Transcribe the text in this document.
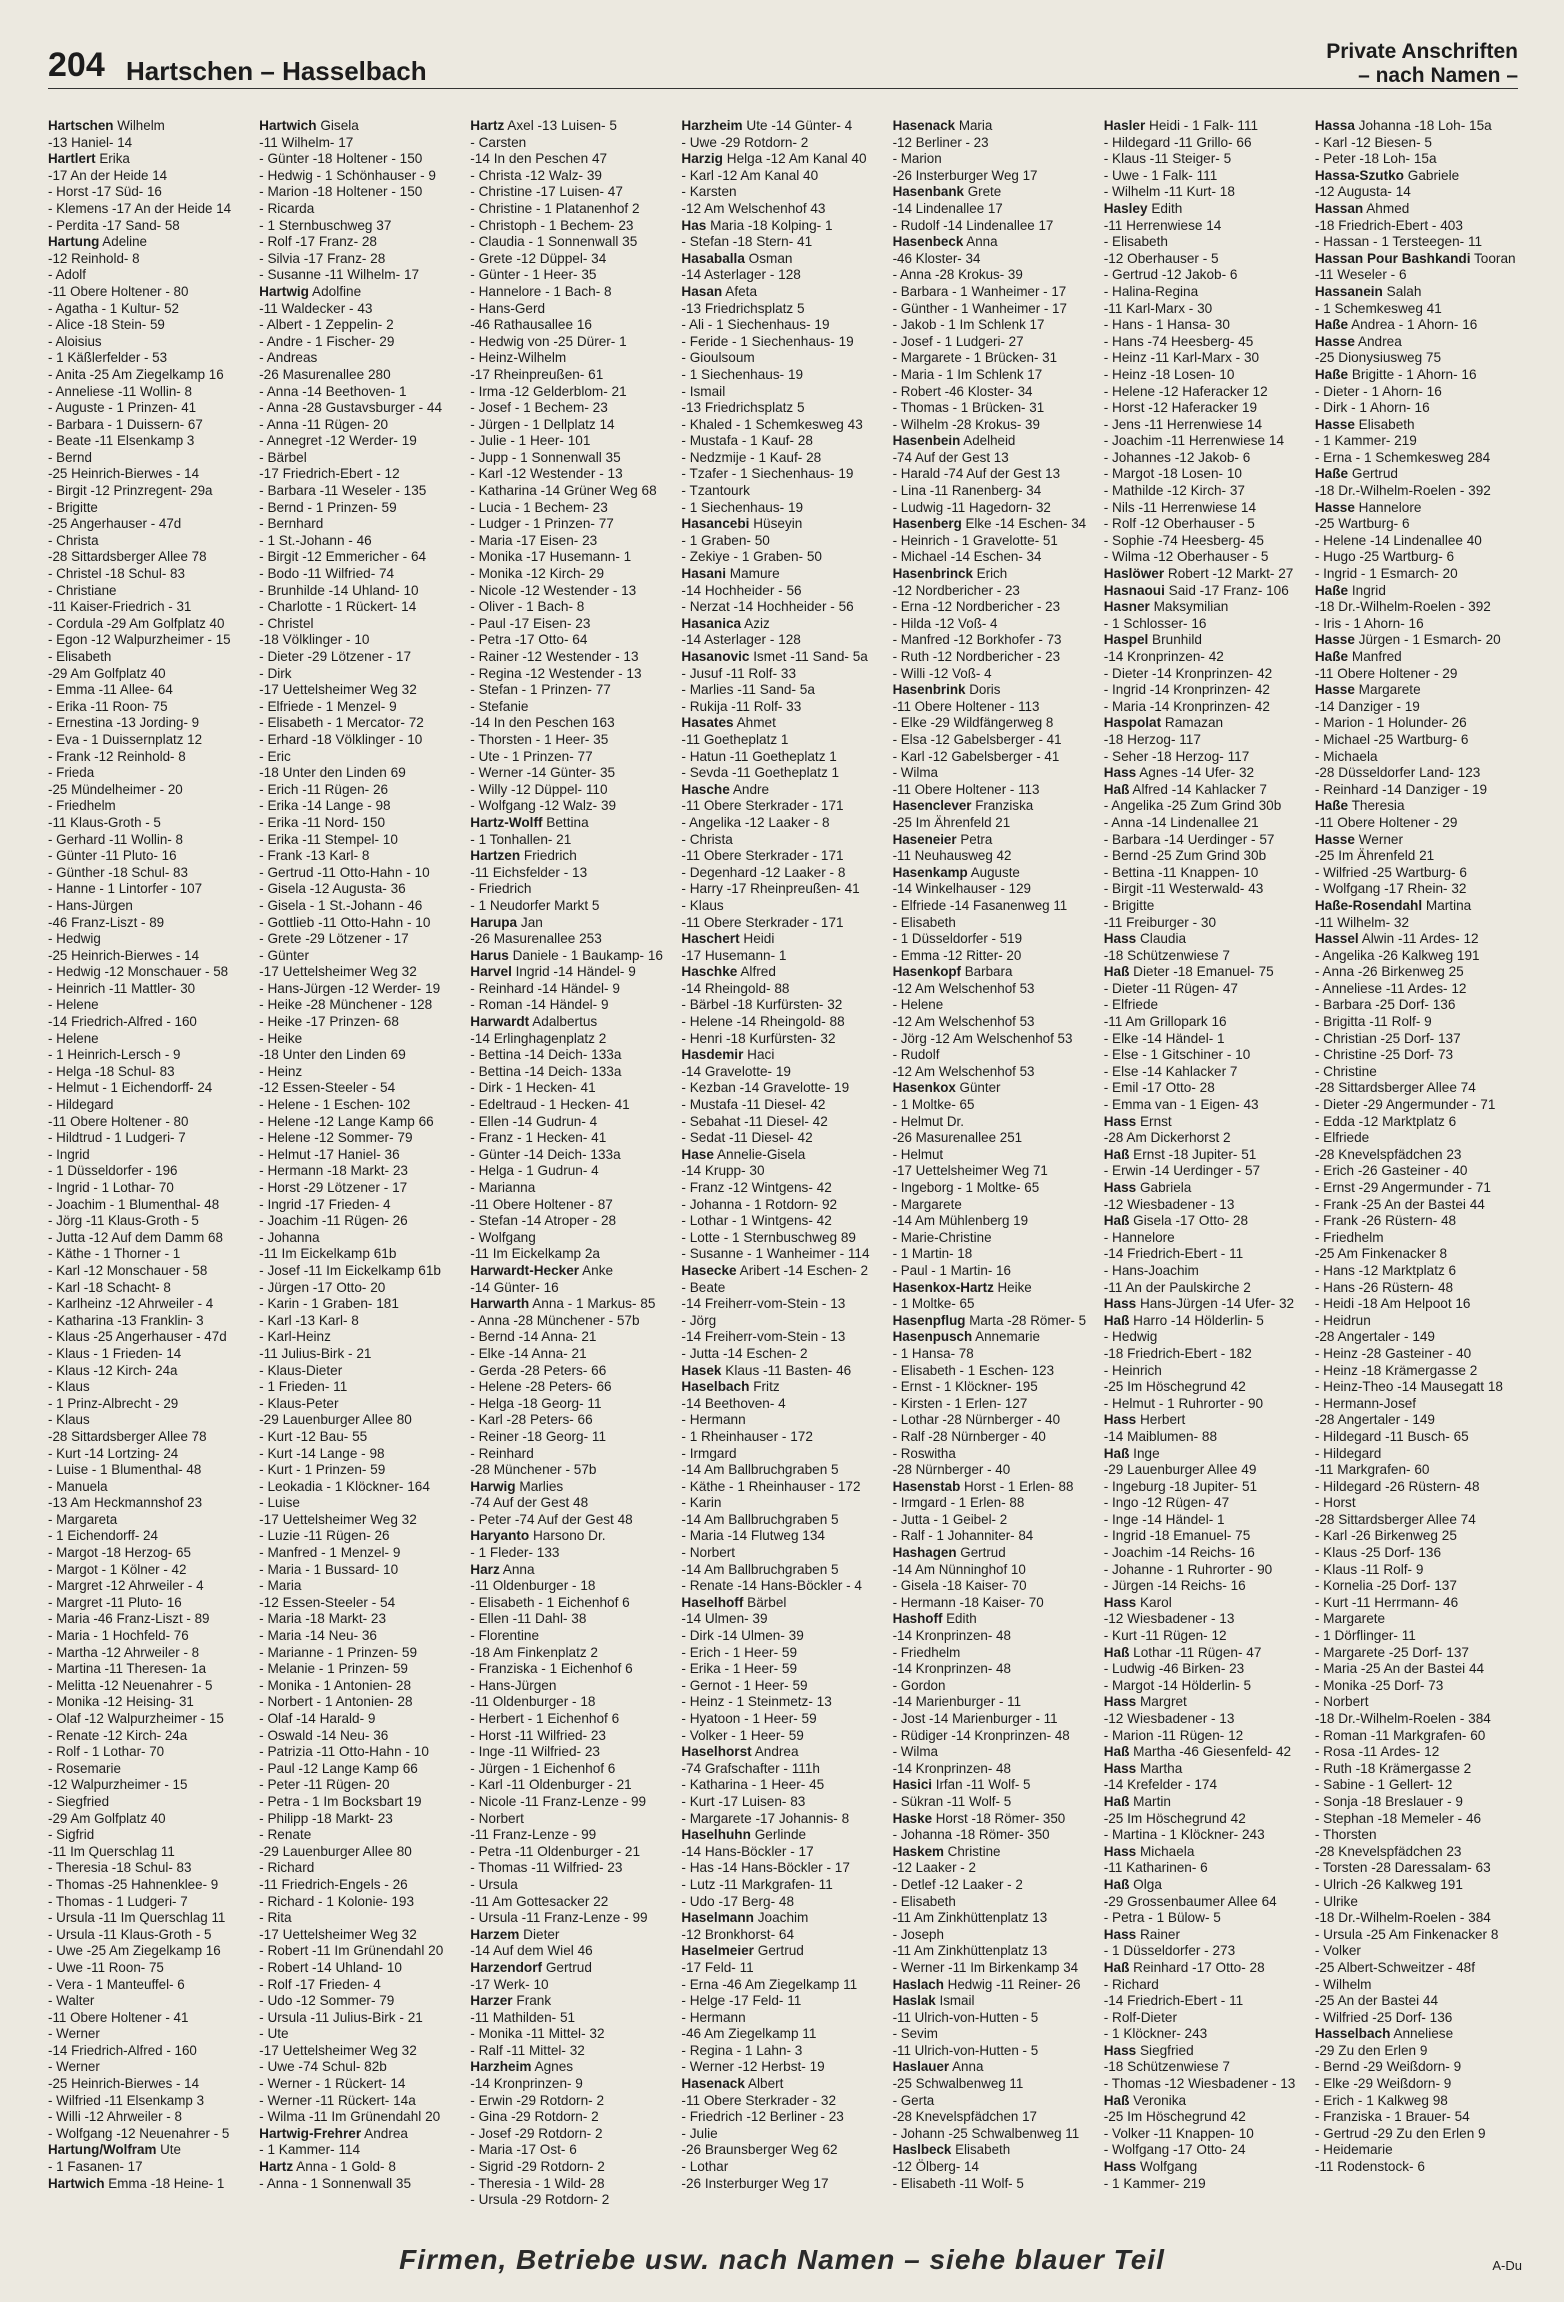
204 Hartschen – Hasselbach
Private Anschriften
– nach Namen –
Hartschen Wilhelm
-13 Haniel- 14
Hartlert Erika
-17 An der Heide 14
- Horst -17 Süd- 16
- Klemens -17 An der Heide 14
- Perdita -17 Sand- 58
Hartung Adeline
-12 Reinhold- 8
- Adolf
-11 Obere Holtener - 80
- Agatha - 1 Kultur- 52
- Alice -18 Stein- 59
- Aloisius
- 1 Käßlerfelder - 53
- Anita -25 Am Ziegelkamp 16
- Anneliese -11 Wollin- 8
- Auguste - 1 Prinzen- 41
- Barbara - 1 Duissern- 67
- Beate -11 Elsenkamp 3
- Bernd
-25 Heinrich-Bierwes - 14
- Birgit -12 Prinzregent- 29a
- Brigitte
-25 Angerhauser - 47d
- Christa
-28 Sittardsberger Allee 78
- Christel -18 Schul- 83
- Christiane
-11 Kaiser-Friedrich - 31
- Cordula -29 Am Golfplatz 40
- Egon -12 Walpurzheimer - 15
- Elisabeth
-29 Am Golfplatz 40
- Emma -11 Allee- 64
- Erika -11 Roon- 75
- Ernestina -13 Jording- 9
- Eva - 1 Duissernplatz 12
- Frank -12 Reinhold- 8
- Frieda
-25 Mündelheimer - 20
- Friedhelm
-11 Klaus-Groth - 5
- Gerhard -11 Wollin- 8
- Günter -11 Pluto- 16
- Günther -18 Schul- 83
- Hanne - 1 Lintorfer - 107
- Hans-Jürgen
-46 Franz-Liszt - 89
- Hedwig
-25 Heinrich-Bierwes - 14
- Hedwig -12 Monschauer - 58
- Heinrich -11 Mattler- 30
- Helene
-14 Friedrich-Alfred - 160
- Helene
- 1 Heinrich-Lersch - 9
- Helga -18 Schul- 83
- Helmut - 1 Eichendorff- 24
- Hildegard
-11 Obere Holtener - 80
- Hildtrud - 1 Ludgeri- 7
- Ingrid
- 1 Düsseldorfer - 196
- Ingrid - 1 Lothar- 70
- Joachim - 1 Blumenthal- 48
- Jörg -11 Klaus-Groth - 5
- Jutta -12 Auf dem Damm 68
- Käthe - 1 Thorner - 1
- Karl -12 Monschauer - 58
- Karl -18 Schacht- 8
- Karlheinz -12 Ahrweiler - 4
- Katharina -13 Franklin- 3
- Klaus -25 Angerhauser - 47d
- Klaus - 1 Frieden- 14
- Klaus -12 Kirch- 24a
- Klaus
- 1 Prinz-Albrecht - 29
- Klaus
-28 Sittardsberger Allee 78
- Kurt -14 Lortzing- 24
- Luise - 1 Blumenthal- 48
- Manuela
-13 Am Heckmannshof 23
- Margareta
- 1 Eichendorff- 24
- Margot -18 Herzog- 65
- Margot - 1 Kölner - 42
- Margret -12 Ahrweiler - 4
- Margret -11 Pluto- 16
- Maria -46 Franz-Liszt - 89
- Maria - 1 Hochfeld- 76
- Martha -12 Ahrweiler - 8
- Martina -11 Theresen- 1a
- Melitta -12 Neuenahrer - 5
- Monika -12 Heising- 31
- Olaf -12 Walpurzheimer - 15
- Renate -12 Kirch- 24a
- Rolf - 1 Lothar- 70
- Rosemarie
-12 Walpurzheimer - 15
- Siegfried
-29 Am Golfplatz 40
- Sigfrid
-11 Im Querschlag 11
- Theresia -18 Schul- 83
- Thomas -25 Hahnenklee- 9
- Thomas - 1 Ludgeri- 7
- Ursula -11 Im Querschlag 11
- Ursula -11 Klaus-Groth - 5
- Uwe -25 Am Ziegelkamp 16
- Uwe -11 Roon- 75
- Vera - 1 Manteuffel- 6
- Walter
-11 Obere Holtener - 41
- Werner
-14 Friedrich-Alfred - 160
- Werner
-25 Heinrich-Bierwes - 14
- Wilfried -11 Elsenkamp 3
- Willi -12 Ahrweiler - 8
- Wolfgang -12 Neuenahrer - 5
Hartung/Wolfram Ute
- 1 Fasanen- 17
Hartwich Emma -18 Heine- 1
Hartwich Gisela
-11 Wilhelm- 17
- Günter -18 Holtener - 150
- Hedwig - 1 Schönhauser - 9
- Marion -18 Holtener - 150
- Ricarda
- 1 Sternbuschweg 37
- Rolf -17 Franz- 28
- Silvia -17 Franz- 28
- Susanne -11 Wilhelm- 17
Hartwig Adolfine
-11 Waldecker - 43
- Albert - 1 Zeppelin- 2
- Andre - 1 Fischer- 29
- Andreas
-26 Masurenallee 280
- Anna -14 Beethoven- 1
- Anna -28 Gustavsburger - 44
- Anna -11 Rügen- 20
- Annegret -12 Werder- 19
- Bärbel
-17 Friedrich-Ebert - 12
- Barbara -11 Weseler - 135
- Bernd - 1 Prinzen- 59
- Bernhard
- 1 St.-Johann - 46
- Birgit -12 Emmericher - 64
- Bodo -11 Wilfried- 74
- Brunhilde -14 Uhland- 10
- Charlotte - 1 Rückert- 14
- Christel
-18 Völklinger - 10
- Dieter -29 Lötzener - 17
- Dirk
-17 Uettelsheimer Weg 32
- Elfriede - 1 Menzel- 9
- Elisabeth - 1 Mercator- 72
- Erhard -18 Völklinger - 10
- Eric
-18 Unter den Linden 69
- Erich -11 Rügen- 26
- Erika -14 Lange - 98
- Erika -11 Nord- 150
- Erika -11 Stempel- 10
- Frank -13 Karl- 8
- Gertrud -11 Otto-Hahn - 10
- Gisela -12 Augusta- 36
- Gisela - 1 St.-Johann - 46
- Gottlieb -11 Otto-Hahn - 10
- Grete -29 Lötzener - 17
- Günter
-17 Uettelsheimer Weg 32
- Hans-Jürgen -12 Werder- 19
- Heike -28 Münchener - 128
- Heike -17 Prinzen- 68
- Heike
-18 Unter den Linden 69
- Heinz
-12 Essen-Steeler - 54
- Helene - 1 Eschen- 102
- Helene -12 Lange Kamp 66
- Helene -12 Sommer- 79
- Helmut -17 Haniel- 36
- Hermann -18 Markt- 23
- Horst -29 Lötzener - 17
- Ingrid -17 Frieden- 4
- Joachim -11 Rügen- 26
- Johanna
-11 Im Eickelkamp 61b
- Josef -11 Im Eickelkamp 61b
- Jürgen -17 Otto- 20
- Karin - 1 Graben- 181
- Karl -13 Karl- 8
- Karl-Heinz
-11 Julius-Birk - 21
- Klaus-Dieter
- 1 Frieden- 11
- Klaus-Peter
-29 Lauenburger Allee 80
- Kurt -12 Bau- 55
- Kurt -14 Lange - 98
- Kurt - 1 Prinzen- 59
- Leokadia - 1 Klöckner- 164
- Luise
-17 Uettelsheimer Weg 32
- Luzie -11 Rügen- 26
- Manfred - 1 Menzel- 9
- Maria - 1 Bussard- 10
- Maria
-12 Essen-Steeler - 54
- Maria -18 Markt- 23
- Maria -14 Neu- 36
- Marianne - 1 Prinzen- 59
- Melanie - 1 Prinzen- 59
- Monika - 1 Antonien- 28
- Norbert - 1 Antonien- 28
- Olaf -14 Harald- 9
- Oswald -14 Neu- 36
- Patrizia -11 Otto-Hahn - 10
- Paul -12 Lange Kamp 66
- Peter -11 Rügen- 20
- Petra - 1 Im Bocksbart 19
- Philipp -18 Markt- 23
- Renate
-29 Lauenburger Allee 80
- Richard
-11 Friedrich-Engels - 26
- Richard - 1 Kolonie- 193
- Rita
-17 Uettelsheimer Weg 32
- Robert -11 Im Grünendahl 20
- Robert -14 Uhland- 10
- Rolf -17 Frieden- 4
- Udo -12 Sommer- 79
- Ursula -11 Julius-Birk - 21
- Ute
-17 Uettelsheimer Weg 32
- Uwe -74 Schul- 82b
- Werner - 1 Rückert- 14
- Werner -11 Rückert- 14a
- Wilma -11 Im Grünendahl 20
Hartwig-Frehrer Andrea
- 1 Kammer- 114
Hartz Anna - 1 Gold- 8
- Anna - 1 Sonnenwall 35
Hartz Axel -13 Luisen- 5
- Carsten
-14 In den Peschen 47
- Christa -12 Walz- 39
- Christine -17 Luisen- 47
- Christine - 1 Platanenhof 2
- Christoph - 1 Bechem- 23
- Claudia - 1 Sonnenwall 35
- Grete -12 Düppel- 34
- Günter - 1 Heer- 35
- Hannelore - 1 Bach- 8
- Hans-Gerd
-46 Rathausallee 16
- Hedwig von -25 Dürer- 1
- Heinz-Wilhelm
-17 Rheinpreußen- 61
- Irma -12 Gelderblom- 21
- Josef - 1 Bechem- 23
- Jürgen - 1 Dellplatz 14
- Julie - 1 Heer- 101
- Jupp - 1 Sonnenwall 35
- Karl -12 Westender - 13
- Katharina -14 Grüner Weg 68
- Lucia - 1 Bechem- 23
- Ludger - 1 Prinzen- 77
- Maria -17 Eisen- 23
- Monika -17 Husemann- 1
- Monika -12 Kirch- 29
- Nicole -12 Westender - 13
- Oliver - 1 Bach- 8
- Paul -17 Eisen- 23
- Petra -17 Otto- 64
- Rainer -12 Westender - 13
- Regina -12 Westender - 13
- Stefan - 1 Prinzen- 77
- Stefanie
-14 In den Peschen 163
- Thorsten - 1 Heer- 35
- Ute - 1 Prinzen- 77
- Werner -14 Günter- 35
- Willy -12 Düppel- 110
- Wolfgang -12 Walz- 39
Hartz-Wolff Bettina
- 1 Tonhallen- 21
Hartzen Friedrich
-11 Eichsfelder - 13
- Friedrich
- 1 Neudorfer Markt 5
Harupa Jan
-26 Masurenallee 253
Harus Daniele - 1 Baukamp- 16
Harvel Ingrid -14 Händel- 9
- Reinhard -14 Händel- 9
- Roman -14 Händel- 9
Harwardt Adalbertus
-14 Erlinghagenplatz 2
- Bettina -14 Deich- 133a
- Bettina -14 Deich- 133a
- Dirk - 1 Hecken- 41
- Edeltraud - 1 Hecken- 41
- Ellen -14 Gudrun- 4
- Franz - 1 Hecken- 41
- Günter -14 Deich- 133a
- Helga - 1 Gudrun- 4
- Marianna
-11 Obere Holtener - 87
- Stefan -14 Atroper - 28
- Wolfgang
-11 Im Eickelkamp 2a
Harwardt-Hecker Anke
-14 Günter- 16
Harwarth Anna - 1 Markus- 85
- Anna -28 Münchener - 57b
- Bernd -14 Anna- 21
- Elke -14 Anna- 21
- Gerda -28 Peters- 66
- Helene -28 Peters- 66
- Helga -18 Georg- 11
- Karl -28 Peters- 66
- Reiner -18 Georg- 11
- Reinhard
-28 Münchener - 57b
Harwig Marlies
-74 Auf der Gest 48
- Peter -74 Auf der Gest 48
Haryanto Harsono Dr.
- 1 Fleder- 133
Harz Anna
-11 Oldenburger - 18
- Elisabeth - 1 Eichenhof 6
- Ellen -11 Dahl- 38
- Florentine
-18 Am Finkenplatz 2
- Franziska - 1 Eichenhof 6
- Hans-Jürgen
-11 Oldenburger - 18
- Herbert - 1 Eichenhof 6
- Horst -11 Wilfried- 23
- Inge -11 Wilfried- 23
- Jürgen - 1 Eichenhof 6
- Karl -11 Oldenburger - 21
- Nicole -11 Franz-Lenze - 99
- Norbert
-11 Franz-Lenze - 99
- Petra -11 Oldenburger - 21
- Thomas -11 Wilfried- 23
- Ursula
-11 Am Gottesacker 22
- Ursula -11 Franz-Lenze - 99
Harzem Dieter
-14 Auf dem Wiel 46
Harzendorf Gertrud
-17 Werk- 10
Harzer Frank
-11 Mathilden- 51
- Monika -11 Mittel- 32
- Ralf -11 Mittel- 32
Harzheim Agnes
-14 Kronprinzen- 9
- Erwin -29 Rotdorn- 2
- Gina -29 Rotdorn- 2
- Josef -29 Rotdorn- 2
- Maria -17 Ost- 6
- Sigrid -29 Rotdorn- 2
- Theresia - 1 Wild- 28
- Ursula -29 Rotdorn- 2
Harzheim Ute -14 Günter- 4
- Uwe -29 Rotdorn- 2
Harzig Helga -12 Am Kanal 40
- Karl -12 Am Kanal 40
- Karsten
-12 Am Welschenhof 43
Has Maria -18 Kolping- 1
- Stefan -18 Stern- 41
Hasaballa Osman
-14 Asterlager - 128
Hasan Afeta
-13 Friedrichsplatz 5
- Ali - 1 Siechenhaus- 19
- Feride - 1 Siechenhaus- 19
- Gioulsoum
- 1 Siechenhaus- 19
- Ismail
-13 Friedrichsplatz 5
- Khaled - 1 Schemkesweg 43
- Mustafa - 1 Kauf- 28
- Nedzmije - 1 Kauf- 28
- Tzafer - 1 Siechenhaus- 19
- Tzantourk
- 1 Siechenhaus- 19
Hasancebi Hüseyin
- 1 Graben- 50
- Zekiye - 1 Graben- 50
Hasani Mamure
-14 Hochheider - 56
- Nerzat -14 Hochheider - 56
Hasanica Aziz
-14 Asterlager - 128
Hasanovic Ismet -11 Sand- 5a
- Jusuf -11 Rolf- 33
- Marlies -11 Sand- 5a
- Rukija -11 Rolf- 33
Hasates Ahmet
-11 Goetheplatz 1
- Hatun -11 Goetheplatz 1
- Sevda -11 Goetheplatz 1
Hasche Andre
-11 Obere Sterkrader - 171
- Angelika -12 Laaker - 8
- Christa
-11 Obere Sterkrader - 171
- Degenhard -12 Laaker - 8
- Harry -17 Rheinpreußen- 41
- Klaus
-11 Obere Sterkrader - 171
Haschert Heidi
-17 Husemann- 1
Haschke Alfred
-14 Rheingold- 88
- Bärbel -18 Kurfürsten- 32
- Helene -14 Rheingold- 88
- Henri -18 Kurfürsten- 32
Hasdemir Haci
-14 Gravelotte- 19
- Kezban -14 Gravelotte- 19
- Mustafa -11 Diesel- 42
- Sebahat -11 Diesel- 42
- Sedat -11 Diesel- 42
Hase Annelie-Gisela
-14 Krupp- 30
- Franz -12 Wintgens- 42
- Johanna - 1 Rotdorn- 92
- Lothar - 1 Wintgens- 42
- Lotte - 1 Sternbuschweg 89
- Susanne - 1 Wanheimer - 114
Hasecke Aribert -14 Eschen- 2
- Beate
-14 Freiherr-vom-Stein - 13
- Jörg
-14 Freiherr-vom-Stein - 13
- Jutta -14 Eschen- 2
Hasek Klaus -11 Basten- 46
Haselbach Fritz
-14 Beethoven- 4
- Hermann
- 1 Rheinhauser - 172
- Irmgard
-14 Am Ballbruchgraben 5
- Käthe - 1 Rheinhauser - 172
- Karin
-14 Am Ballbruchgraben 5
- Maria -14 Flutweg 134
- Norbert
-14 Am Ballbruchgraben 5
- Renate -14 Hans-Böckler - 4
Haselhoff Bärbel
-14 Ulmen- 39
- Dirk -14 Ulmen- 39
- Erich - 1 Heer- 59
- Erika - 1 Heer- 59
- Gernot - 1 Heer- 59
- Heinz - 1 Steinmetz- 13
- Hyatoon - 1 Heer- 59
- Volker - 1 Heer- 59
Haselhorst Andrea
-74 Grafschafter - 111h
- Katharina - 1 Heer- 45
- Kurt -17 Luisen- 83
- Margarete -17 Johannis- 8
Haselhuhn Gerlinde
-14 Hans-Böckler - 17
- Has -14 Hans-Böckler - 17
- Lutz -11 Markgrafen- 11
- Udo -17 Berg- 48
Haselmann Joachim
-12 Bronkhorst- 64
Haselmeier Gertrud
-17 Feld- 11
- Erna -46 Am Ziegelkamp 11
- Helge -17 Feld- 11
- Hermann
-46 Am Ziegelkamp 11
- Regina - 1 Lahn- 3
- Werner -12 Herbst- 19
Hasenack Albert
-11 Obere Sterkrader - 32
- Friedrich -12 Berliner - 23
- Julie
-26 Braunsberger Weg 62
- Lothar
-26 Insterburger Weg 17
Hasenack Maria
-12 Berliner - 23
- Marion
-26 Insterburger Weg 17
Hasenbank Grete
-14 Lindenallee 17
- Rudolf -14 Lindenallee 17
Hasenbeck Anna
-46 Kloster- 34
- Anna -28 Krokus- 39
- Barbara - 1 Wanheimer - 17
- Günther - 1 Wanheimer - 17
- Jakob - 1 Im Schlenk 17
- Josef - 1 Ludgeri- 27
- Margarete - 1 Brücken- 31
- Maria - 1 Im Schlenk 17
- Robert -46 Kloster- 34
- Thomas - 1 Brücken- 31
- Wilhelm -28 Krokus- 39
Hasenbein Adelheid
-74 Auf der Gest 13
- Harald -74 Auf der Gest 13
- Lina -11 Ranenberg- 34
- Ludwig -11 Hagedorn- 32
Hasenberg Elke -14 Eschen- 34
- Heinrich - 1 Gravelotte- 51
- Michael -14 Eschen- 34
Hasenbrinck Erich
-12 Nordbericher - 23
- Erna -12 Nordbericher - 23
- Hilda -12 Voß- 4
- Manfred -12 Borkhofer - 73
- Ruth -12 Nordbericher - 23
- Willi -12 Voß- 4
Hasenbrink Doris
-11 Obere Holtener - 113
- Elke -29 Wildfängerweg 8
- Elsa -12 Gabelsberger - 41
- Karl -12 Gabelsberger - 41
- Wilma
-11 Obere Holtener - 113
Hasenclever Franziska
-25 Im Ährenfeld 21
Haseneier Petra
-11 Neuhausweg 42
Hasenkamp Auguste
-14 Winkelhauser - 129
- Elfriede -14 Fasanenweg 11
- Elisabeth
- 1 Düsseldorfer - 519
- Emma -12 Ritter- 20
Hasenkopf Barbara
-12 Am Welschenhof 53
- Helene
-12 Am Welschenhof 53
- Jörg -12 Am Welschenhof 53
- Rudolf
-12 Am Welschenhof 53
Hasenkox Günter
- 1 Moltke- 65
- Helmut Dr.
-26 Masurenallee 251
- Helmut
-17 Uettelsheimer Weg 71
- Ingeborg - 1 Moltke- 65
- Margarete
-14 Am Mühlenberg 19
- Marie-Christine
- 1 Martin- 18
- Paul - 1 Martin- 16
Hasenkox-Hartz Heike
- 1 Moltke- 65
Hasenpflug Marta -28 Römer- 5
Hasenpusch Annemarie
- 1 Hansa- 78
- Elisabeth - 1 Eschen- 123
- Ernst - 1 Klöckner- 195
- Kirsten - 1 Erlen- 127
- Lothar -28 Nürnberger - 40
- Ralf -28 Nürnberger - 40
- Roswitha
-28 Nürnberger - 40
Hasenstab Horst - 1 Erlen- 88
- Irmgard - 1 Erlen- 88
- Jutta - 1 Geibel- 2
- Ralf - 1 Johanniter- 84
Hashagen Gertrud
-14 Am Nünninghof 10
- Gisela -18 Kaiser- 70
- Hermann -18 Kaiser- 70
Hashoff Edith
-14 Kronprinzen- 48
- Friedhelm
-14 Kronprinzen- 48
- Gordon
-14 Marienburger - 11
- Jost -14 Marienburger - 11
- Rüdiger -14 Kronprinzen- 48
- Wilma
-14 Kronprinzen- 48
Hasici Irfan -11 Wolf- 5
- Sükran -11 Wolf- 5
Haske Horst -18 Römer- 350
- Johanna -18 Römer- 350
Haskem Christine
-12 Laaker - 2
- Detlef -12 Laaker - 2
- Elisabeth
-11 Am Zinkhüttenplatz 13
- Joseph
-11 Am Zinkhüttenplatz 13
- Werner -11 Im Birkenkamp 34
Haslach Hedwig -11 Reiner- 26
Haslak Ismail
-11 Ulrich-von-Hutten - 5
- Sevim
-11 Ulrich-von-Hutten - 5
Haslauer Anna
-25 Schwalbenweg 11
- Gerta
-28 Knevelspfädchen 17
- Johann -25 Schwalbenweg 11
Haslbeck Elisabeth
-12 Ölberg- 14
- Elisabeth -11 Wolf- 5
Hasler Heidi - 1 Falk- 111
- Hildegard -11 Grillo- 66
- Klaus -11 Steiger- 5
- Uwe - 1 Falk- 111
- Wilhelm -11 Kurt- 18
Hasley Edith
-11 Herrenwiese 14
- Elisabeth
-12 Oberhauser - 5
- Gertrud -12 Jakob- 6
- Halina-Regina
-11 Karl-Marx - 30
- Hans - 1 Hansa- 30
- Hans -74 Heesberg- 45
- Heinz -11 Karl-Marx - 30
- Heinz -18 Losen- 10
- Helene -12 Haferacker 12
- Horst -12 Haferacker 19
- Jens -11 Herrenwiese 14
- Joachim -11 Herrenwiese 14
- Johannes -12 Jakob- 6
- Margot -18 Losen- 10
- Mathilde -12 Kirch- 37
- Nils -11 Herrenwiese 14
- Rolf -12 Oberhauser - 5
- Sophie -74 Heesberg- 45
- Wilma -12 Oberhauser - 5
Haslöwer Robert -12 Markt- 27
Hasnaoui Said -17 Franz- 106
Hasner Maksymilian
- 1 Schlosser- 16
Haspel Brunhild
-14 Kronprinzen- 42
- Dieter -14 Kronprinzen- 42
- Ingrid -14 Kronprinzen- 42
- Maria -14 Kronprinzen- 42
Haspolat Ramazan
-18 Herzog- 117
- Seher -18 Herzog- 117
Hass Agnes -14 Ufer- 32
Haß Alfred -14 Kahlacker 7
- Angelika -25 Zum Grind 30b
- Anna -14 Lindenallee 21
- Barbara -14 Uerdinger - 57
- Bernd -25 Zum Grind 30b
- Bettina -11 Knappen- 10
- Birgit -11 Westerwald- 43
- Brigitte
-11 Freiburger - 30
Hass Claudia
-18 Schützenwiese 7
Haß Dieter -18 Emanuel- 75
- Dieter -11 Rügen- 47
- Elfriede
-11 Am Grillopark 16
- Elke -14 Händel- 1
- Else - 1 Gitschiner - 10
- Else -14 Kahlacker 7
- Emil -17 Otto- 28
- Emma van - 1 Eigen- 43
Hass Ernst
-28 Am Dickerhorst 2
Haß Ernst -18 Jupiter- 51
- Erwin -14 Uerdinger - 57
Hass Gabriela
-12 Wiesbadener - 13
Haß Gisela -17 Otto- 28
- Hannelore
-14 Friedrich-Ebert - 11
- Hans-Joachim
-11 An der Paulskirche 2
Hass Hans-Jürgen -14 Ufer- 32
Haß Harro -14 Hölderlin- 5
- Hedwig
-18 Friedrich-Ebert - 182
- Heinrich
-25 Im Höschegrund 42
- Helmut - 1 Ruhrorter - 90
Hass Herbert
-14 Maiblumen- 88
Haß Inge
-29 Lauenburger Allee 49
- Ingeburg -18 Jupiter- 51
- Ingo -12 Rügen- 47
- Inge -14 Händel- 1
- Ingrid -18 Emanuel- 75
- Joachim -14 Reichs- 16
- Johanne - 1 Ruhrorter - 90
- Jürgen -14 Reichs- 16
Hass Karol
-12 Wiesbadener - 13
- Kurt -11 Rügen- 12
Haß Lothar -11 Rügen- 47
- Ludwig -46 Birken- 23
- Margot -14 Hölderlin- 5
Hass Margret
-12 Wiesbadener - 13
- Marion -11 Rügen- 12
Haß Martha -46 Giesenfeld- 42
Hass Martha
-14 Krefelder - 174
Haß Martin
-25 Im Höschegrund 42
- Martina - 1 Klöckner- 243
Hass Michaela
-11 Katharinen- 6
Haß Olga
-29 Grossenbaumer Allee 64
- Petra - 1 Bülow- 5
Hass Rainer
- 1 Düsseldorfer - 273
Haß Reinhard -17 Otto- 28
- Richard
-14 Friedrich-Ebert - 11
- Rolf-Dieter
- 1 Klöckner- 243
Hass Siegfried
-18 Schützenwiese 7
- Thomas -12 Wiesbadener - 13
Haß Veronika
-25 Im Höschegrund 42
- Volker -11 Knappen- 10
- Wolfgang -17 Otto- 24
Hass Wolfgang
- 1 Kammer- 219
Hassa Johanna -18 Loh- 15a
- Karl -12 Biesen- 5
- Peter -18 Loh- 15a
Hassa-Szutko Gabriele
-12 Augusta- 14
Hassan Ahmed
-18 Friedrich-Ebert - 403
- Hassan - 1 Tersteegen- 11
Hassan Pour Bashkandi Tooran
-11 Weseler - 6
Hassanein Salah
- 1 Schemkesweg 41
Haße Andrea - 1 Ahorn- 16
Hasse Andrea
-25 Dionysiusweg 75
Haße Brigitte - 1 Ahorn- 16
- Dieter - 1 Ahorn- 16
- Dirk - 1 Ahorn- 16
Hasse Elisabeth
- 1 Kammer- 219
- Erna - 1 Schemkesweg 284
Haße Gertrud
-18 Dr.-Wilhelm-Roelen - 392
Hasse Hannelore
-25 Wartburg- 6
- Helene -14 Lindenallee 40
- Hugo -25 Wartburg- 6
- Ingrid - 1 Esmarch- 20
Haße Ingrid
-18 Dr.-Wilhelm-Roelen - 392
- Iris - 1 Ahorn- 16
Hasse Jürgen - 1 Esmarch- 20
Haße Manfred
-11 Obere Holtener - 29
Hasse Margarete
-14 Danziger - 19
- Marion - 1 Holunder- 26
- Michael -25 Wartburg- 6
- Michaela
-28 Düsseldorfer Land- 123
- Reinhard -14 Danziger - 19
Haße Theresia
-11 Obere Holtener - 29
Hasse Werner
-25 Im Ährenfeld 21
- Wilfried -25 Wartburg- 6
- Wolfgang -17 Rhein- 32
Haße-Rosendahl Martina
-11 Wilhelm- 32
Hassel Alwin -11 Ardes- 12
- Angelika -26 Kalkweg 191
- Anna -26 Birkenweg 25
- Anneliese -11 Ardes- 12
- Barbara -25 Dorf- 136
- Brigitta -11 Rolf- 9
- Christian -25 Dorf- 137
- Christine -25 Dorf- 73
- Christine
-28 Sittardsberger Allee 74
- Dieter -29 Angermunder - 71
- Edda -12 Marktplatz 6
- Elfriede
-28 Knevelspfädchen 23
- Erich -26 Gasteiner - 40
- Ernst -29 Angermunder - 71
- Frank -25 An der Bastei 44
- Frank -26 Rüstern- 48
- Friedhelm
-25 Am Finkenacker 8
- Hans -12 Marktplatz 6
- Hans -26 Rüstern- 48
- Heidi -18 Am Helpoot 16
- Heidrun
-28 Angertaler - 149
- Heinz -28 Gasteiner - 40
- Heinz -18 Krämergasse 2
- Heinz-Theo -14 Mausegatt 18
- Hermann-Josef
-28 Angertaler - 149
- Hildegard -11 Busch- 65
- Hildegard
-11 Markgrafen- 60
- Hildegard -26 Rüstern- 48
- Horst
-28 Sittardsberger Allee 74
- Karl -26 Birkenweg 25
- Klaus -25 Dorf- 136
- Klaus -11 Rolf- 9
- Kornelia -25 Dorf- 137
- Kurt -11 Herrmann- 46
- Margarete
- 1 Dörflinger- 11
- Margarete -25 Dorf- 137
- Maria -25 An der Bastei 44
- Monika -25 Dorf- 73
- Norbert
-18 Dr.-Wilhelm-Roelen - 384
- Roman -11 Markgrafen- 60
- Rosa -11 Ardes- 12
- Ruth -18 Krämergasse 2
- Sabine - 1 Gellert- 12
- Sonja -18 Breslauer - 9
- Stephan -18 Memeler - 46
- Thorsten
-28 Knevelspfädchen 23
- Torsten -28 Daressalam- 63
- Ulrich -26 Kalkweg 191
- Ulrike
-18 Dr.-Wilhelm-Roelen - 384
- Ursula -25 Am Finkenacker 8
- Volker
-25 Albert-Schweitzer - 48f
- Wilhelm
-25 An der Bastei 44
- Wilfried -25 Dorf- 136
Hasselbach Anneliese
-29 Zu den Erlen 9
- Bernd -29 Weißdorn- 9
- Elke -29 Weißdorn- 9
- Erich - 1 Kalkweg 98
- Franziska - 1 Brauer- 54
- Gertrud -29 Zu den Erlen 9
- Heidemarie
-11 Rodenstock- 6
Firmen, Betriebe usw. nach Namen – siehe blauer Teil	A-Du
